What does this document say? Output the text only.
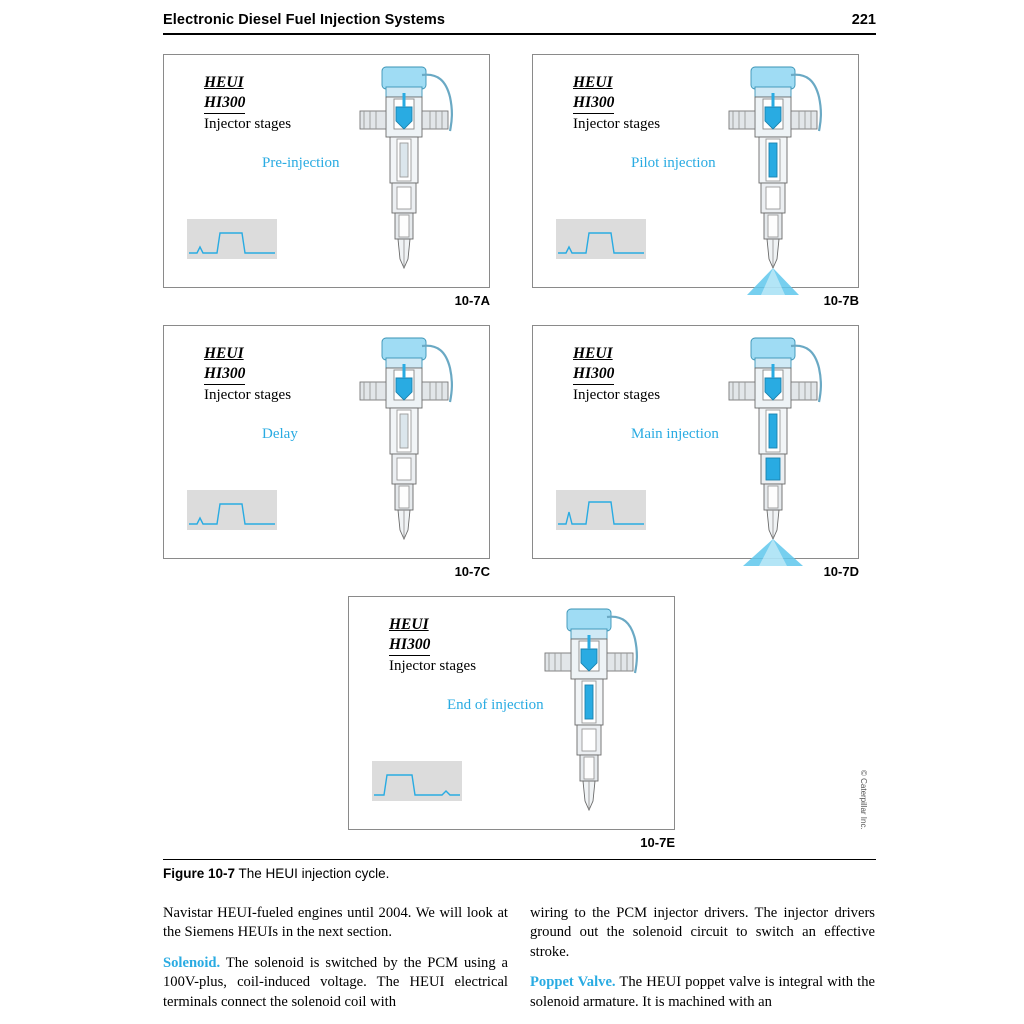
Electronic Diesel Fuel Injection Systems	221
HEUI
HI300
Injector stages
Pre-injection
10-7A
HEUI
HI300
Injector stages
Pilot injection
10-7B
HEUI
HI300
Injector stages
Delay
10-7C
HEUI
HI300
Injector stages
Main injection
10-7D
HEUI
HI300
Injector stages
End of injection
10-7E
© Caterpillar Inc.
Figure 10-7 The HEUI injection cycle.

Navistar HEUI-fueled engines until 2004. We will look at the Siemens HEUIs in the next section.

Solenoid. The solenoid is switched by the PCM using a 100V-plus, coil-induced voltage. The HEUI electrical terminals connect the solenoid coil with

wiring to the PCM injector drivers. The injector drivers ground out the solenoid circuit to switch an effective stroke.

Poppet Valve. The HEUI poppet valve is integral with the solenoid armature. It is machined with an
